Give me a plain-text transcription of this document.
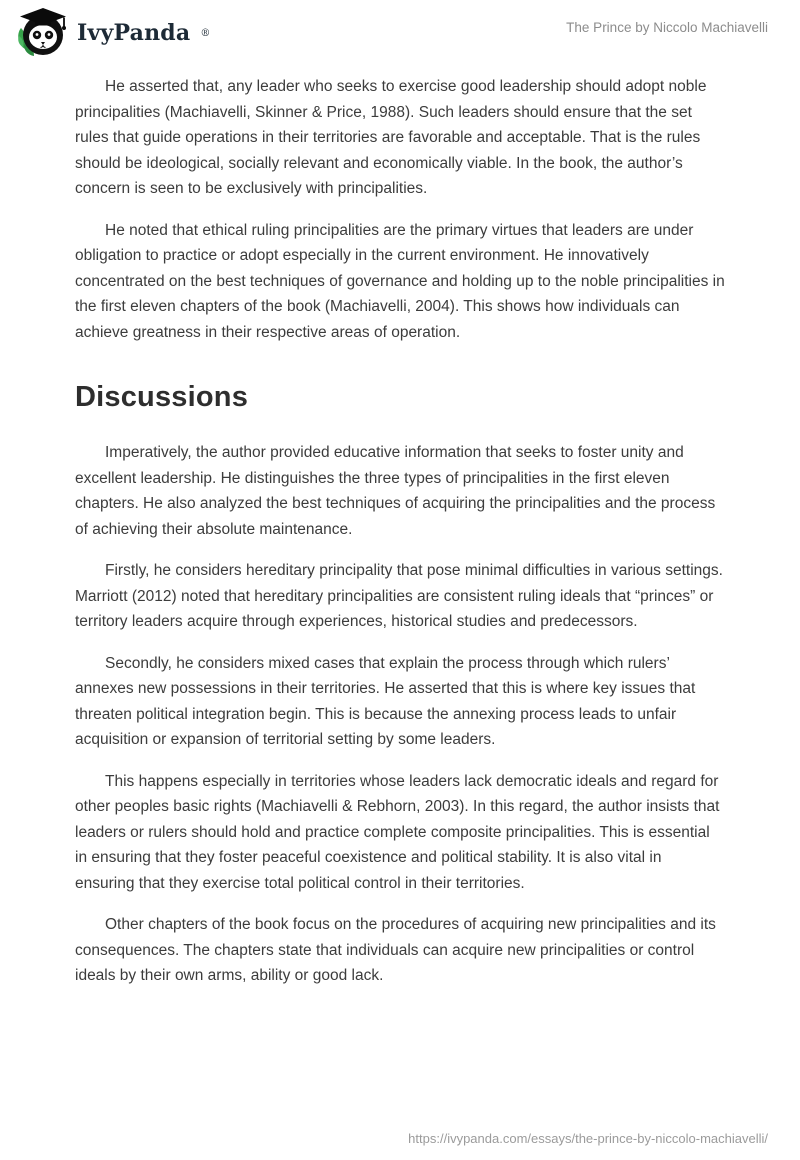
IvyPanda ®	The Prince by Niccolo Machiavelli

He asserted that, any leader who seeks to exercise good leadership should adopt noble principalities (Machiavelli, Skinner & Price, 1988). Such leaders should ensure that the set rules that guide operations in their territories are favorable and acceptable. That is the rules should be ideological, socially relevant and economically viable. In the book, the author’s concern is seen to be exclusively with principalities.

He noted that ethical ruling principalities are the primary virtues that leaders are under obligation to practice or adopt especially in the current environment. He innovatively concentrated on the best techniques of governance and holding up to the noble principalities in the first eleven chapters of the book (Machiavelli, 2004). This shows how individuals can achieve greatness in their respective areas of operation.

Discussions

Imperatively, the author provided educative information that seeks to foster unity and excellent leadership. He distinguishes the three types of principalities in the first eleven chapters. He also analyzed the best techniques of acquiring the principalities and the process of achieving their absolute maintenance.

Firstly, he considers hereditary principality that pose minimal difficulties in various settings. Marriott (2012) noted that hereditary principalities are consistent ruling ideals that “princes” or territory leaders acquire through experiences, historical studies and predecessors.

Secondly, he considers mixed cases that explain the process through which rulers’ annexes new possessions in their territories. He asserted that this is where key issues that threaten political integration begin. This is because the annexing process leads to unfair acquisition or expansion of territorial setting by some leaders.

This happens especially in territories whose leaders lack democratic ideals and regard for other peoples basic rights (Machiavelli & Rebhorn, 2003). In this regard, the author insists that leaders or rulers should hold and practice complete composite principalities. This is essential in ensuring that they foster peaceful coexistence and political stability. It is also vital in ensuring that they exercise total political control in their territories.

Other chapters of the book focus on the procedures of acquiring new principalities and its consequences. The chapters state that individuals can acquire new principalities or control ideals by their own arms, ability or good lack.

https://ivypanda.com/essays/the-prince-by-niccolo-machiavelli/
